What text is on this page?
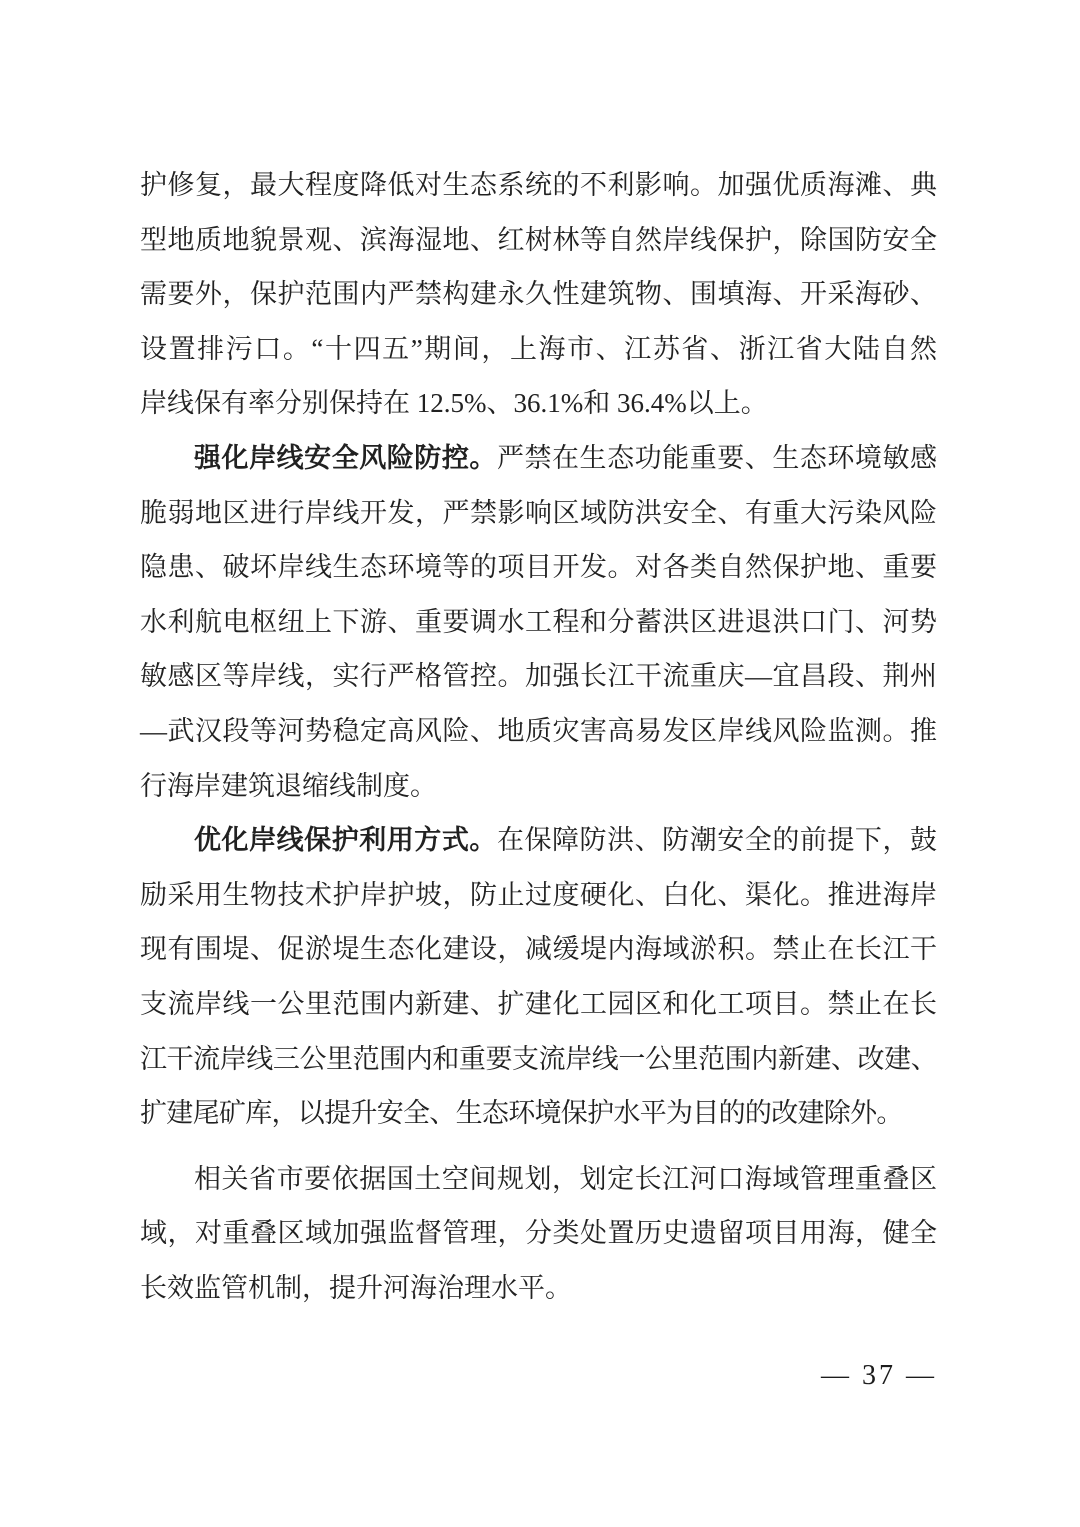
护修复，最大程度降低对生态系统的不利影响。加强优质海滩、典
型地质地貌景观、滨海湿地、红树林等自然岸线保护，除国防安全
需要外，保护范围内严禁构建永久性建筑物、围填海、开采海砂、
设置排污口。“十四五”期间，上海市、江苏省、浙江省大陆自然
岸线保有率分别保持在 12.5%、36.1%和 36.4%以上。
强化岸线安全风险防控。严禁在生态功能重要、生态环境敏感
脆弱地区进行岸线开发，严禁影响区域防洪安全、有重大污染风险
隐患、破坏岸线生态环境等的项目开发。对各类自然保护地、重要
水利航电枢纽上下游、重要调水工程和分蓄洪区进退洪口门、河势
敏感区等岸线，实行严格管控。加强长江干流重庆—宜昌段、荆州
—武汉段等河势稳定高风险、地质灾害高易发区岸线风险监测。推
行海岸建筑退缩线制度。
优化岸线保护利用方式。在保障防洪、防潮安全的前提下，鼓
励采用生物技术护岸护坡，防止过度硬化、白化、渠化。推进海岸
现有围堤、促淤堤生态化建设，减缓堤内海域淤积。禁止在长江干
支流岸线一公里范围内新建、扩建化工园区和化工项目。禁止在长
江干流岸线三公里范围内和重要支流岸线一公里范围内新建、改建、
扩建尾矿库，以提升安全、生态环境保护水平为目的的改建除外。
相关省市要依据国土空间规划，划定长江河口海域管理重叠区
域，对重叠区域加强监督管理，分类处置历史遗留项目用海，健全
长效监管机制，提升河海治理水平。
— 37 —
